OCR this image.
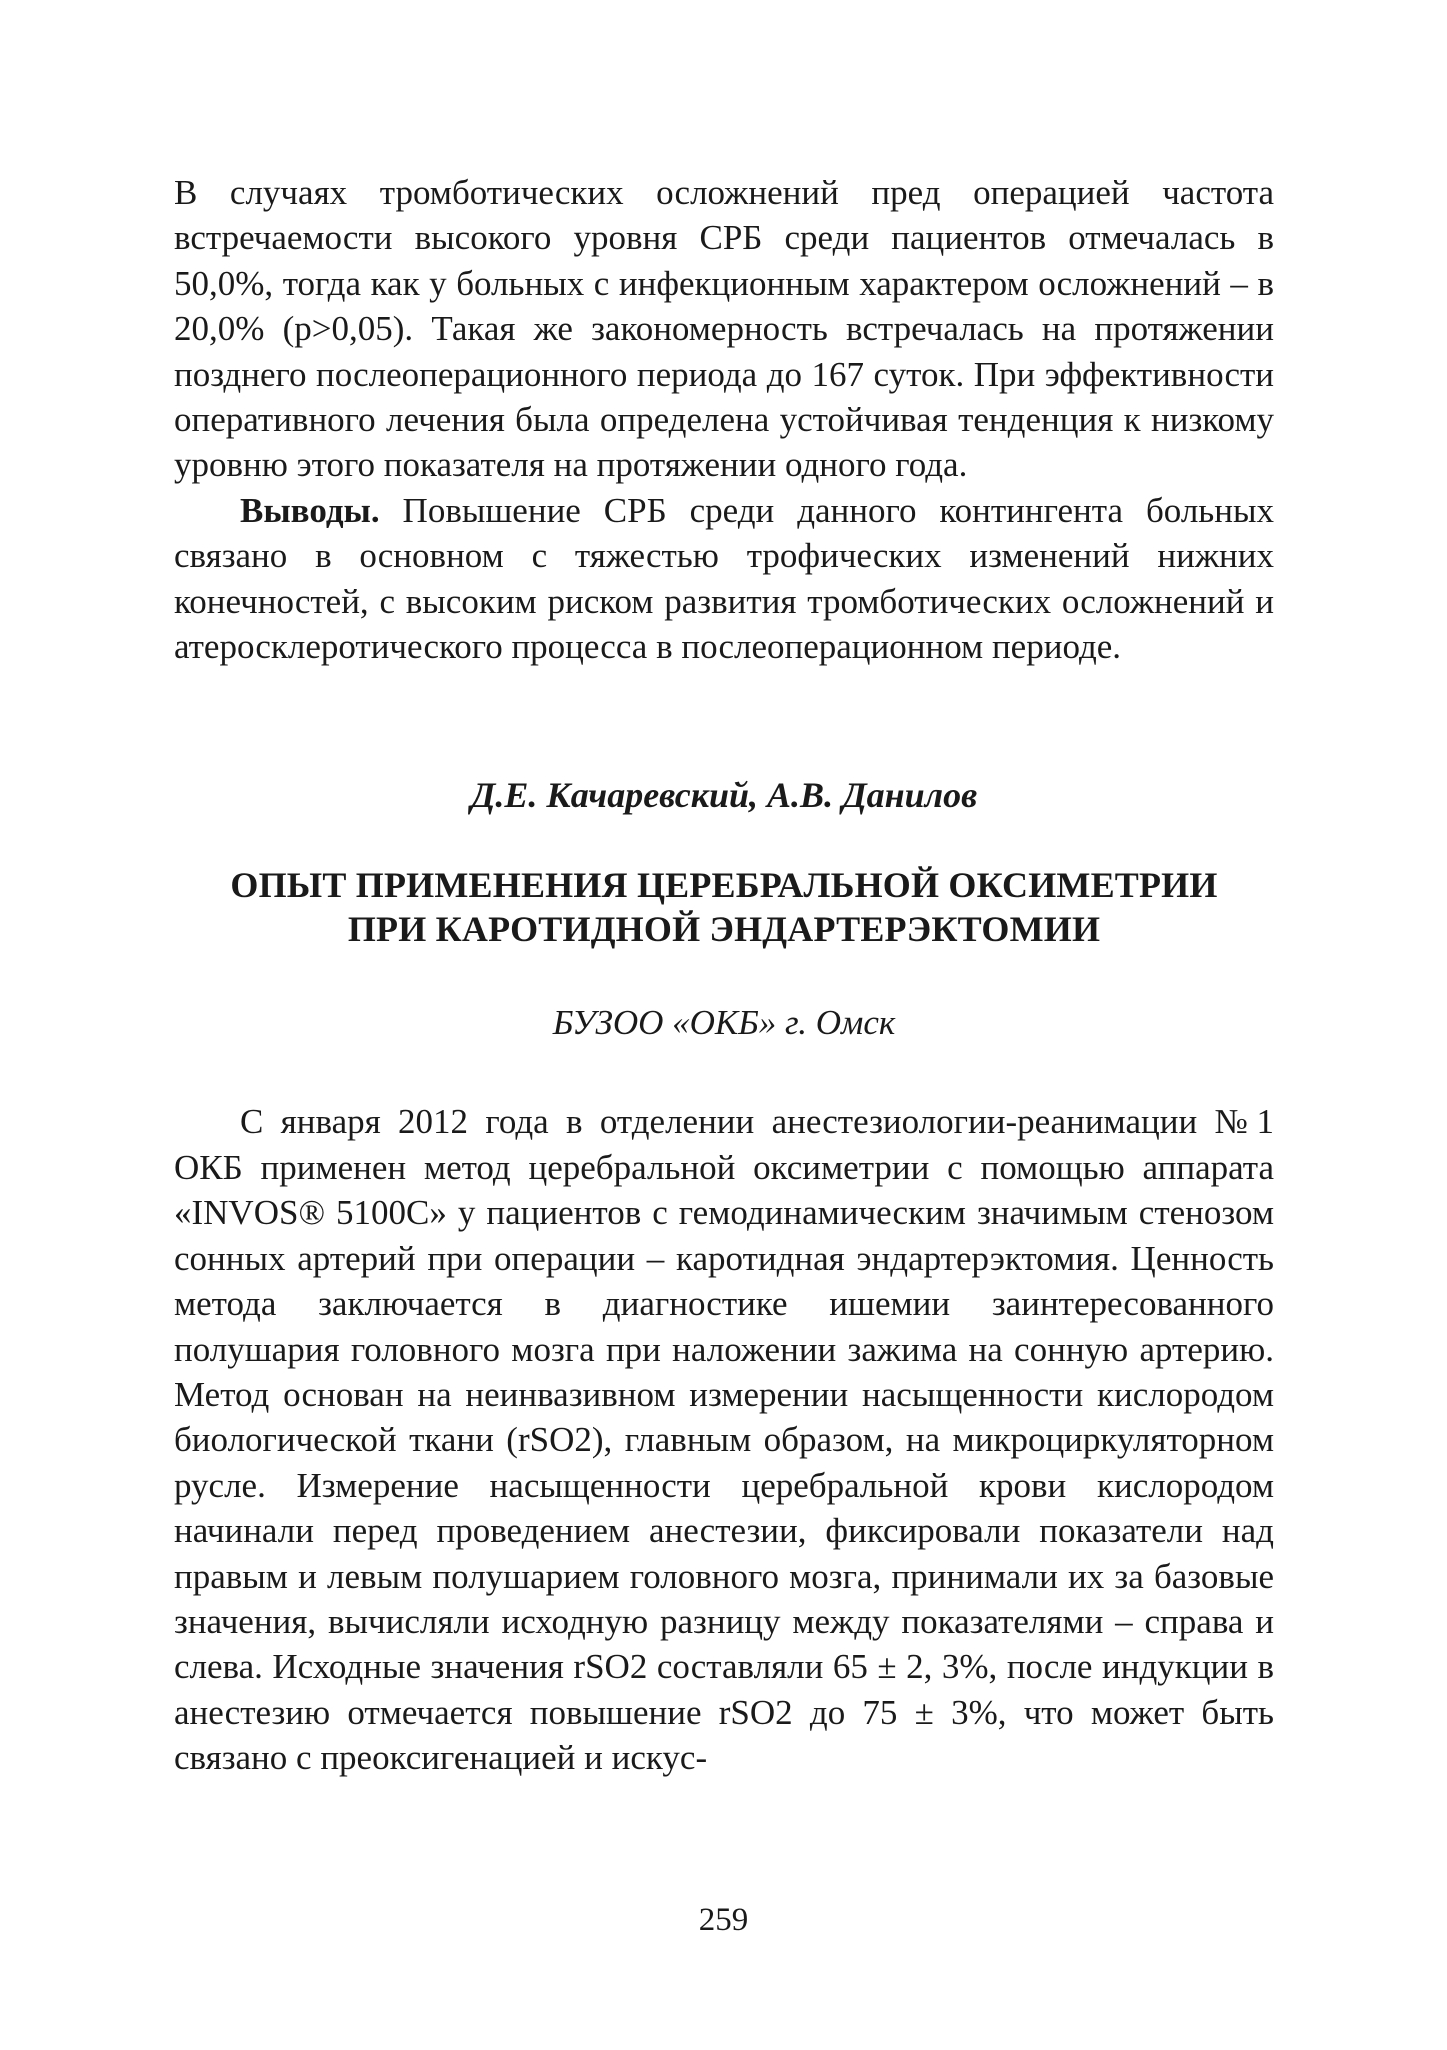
В случаях тромботических осложнений пред операцией частота встречаемости высокого уровня СРБ среди пациентов отмечалась в 50,0%, тогда как у больных с инфекционным характером осложнений – в 20,0% (p>0,05). Такая же закономерность встречалась на протяжении позднего послеоперационного периода до 167 суток. При эффективности оперативного лечения была определена устойчивая тенденция к низкому уровню этого показателя на протяжении одного года.

Выводы. Повышение СРБ среди данного контингента больных связано в основном с тяжестью трофических изменений нижних конечностей, с высоким риском развития тромботических осложнений и атеросклеротического процесса в послеоперационном периоде.

Д.Е. Качаревский, А.В. Данилов

ОПЫТ ПРИМЕНЕНИЯ ЦЕРЕБРАЛЬНОЙ ОКСИМЕТРИИ
ПРИ КАРОТИДНОЙ ЭНДАРТЕРЭКТОМИИ

БУЗОО «ОКБ» г. Омск

С января 2012 года в отделении анестезиологии-реанимации №1 ОКБ применен метод церебральной оксиметрии с помощью аппарата «INVOS® 5100C» у пациентов с гемодинамическим значимым стенозом сонных артерий при операции – каротидная эндартерэктомия. Ценность метода заключается в диагностике ишемии заинтересованного полушария головного мозга при наложении зажима на сонную артерию. Метод основан на неинвазивном измерении насыщенности кислородом биологической ткани (rSO2), главным образом, на микроциркуляторном русле. Измерение насыщенности церебральной крови кислородом начинали перед проведением анестезии, фиксировали показатели над правым и левым полушарием головного мозга, принимали их за базовые значения, вычисляли исходную разницу между показателями – справа и слева. Исходные значения rSO2 составляли 65 ± 2, 3%, после индукции в анестезию отмечается повышение rSO2 до 75 ± 3%, что может быть связано с преоксигенацией и искус-

259
